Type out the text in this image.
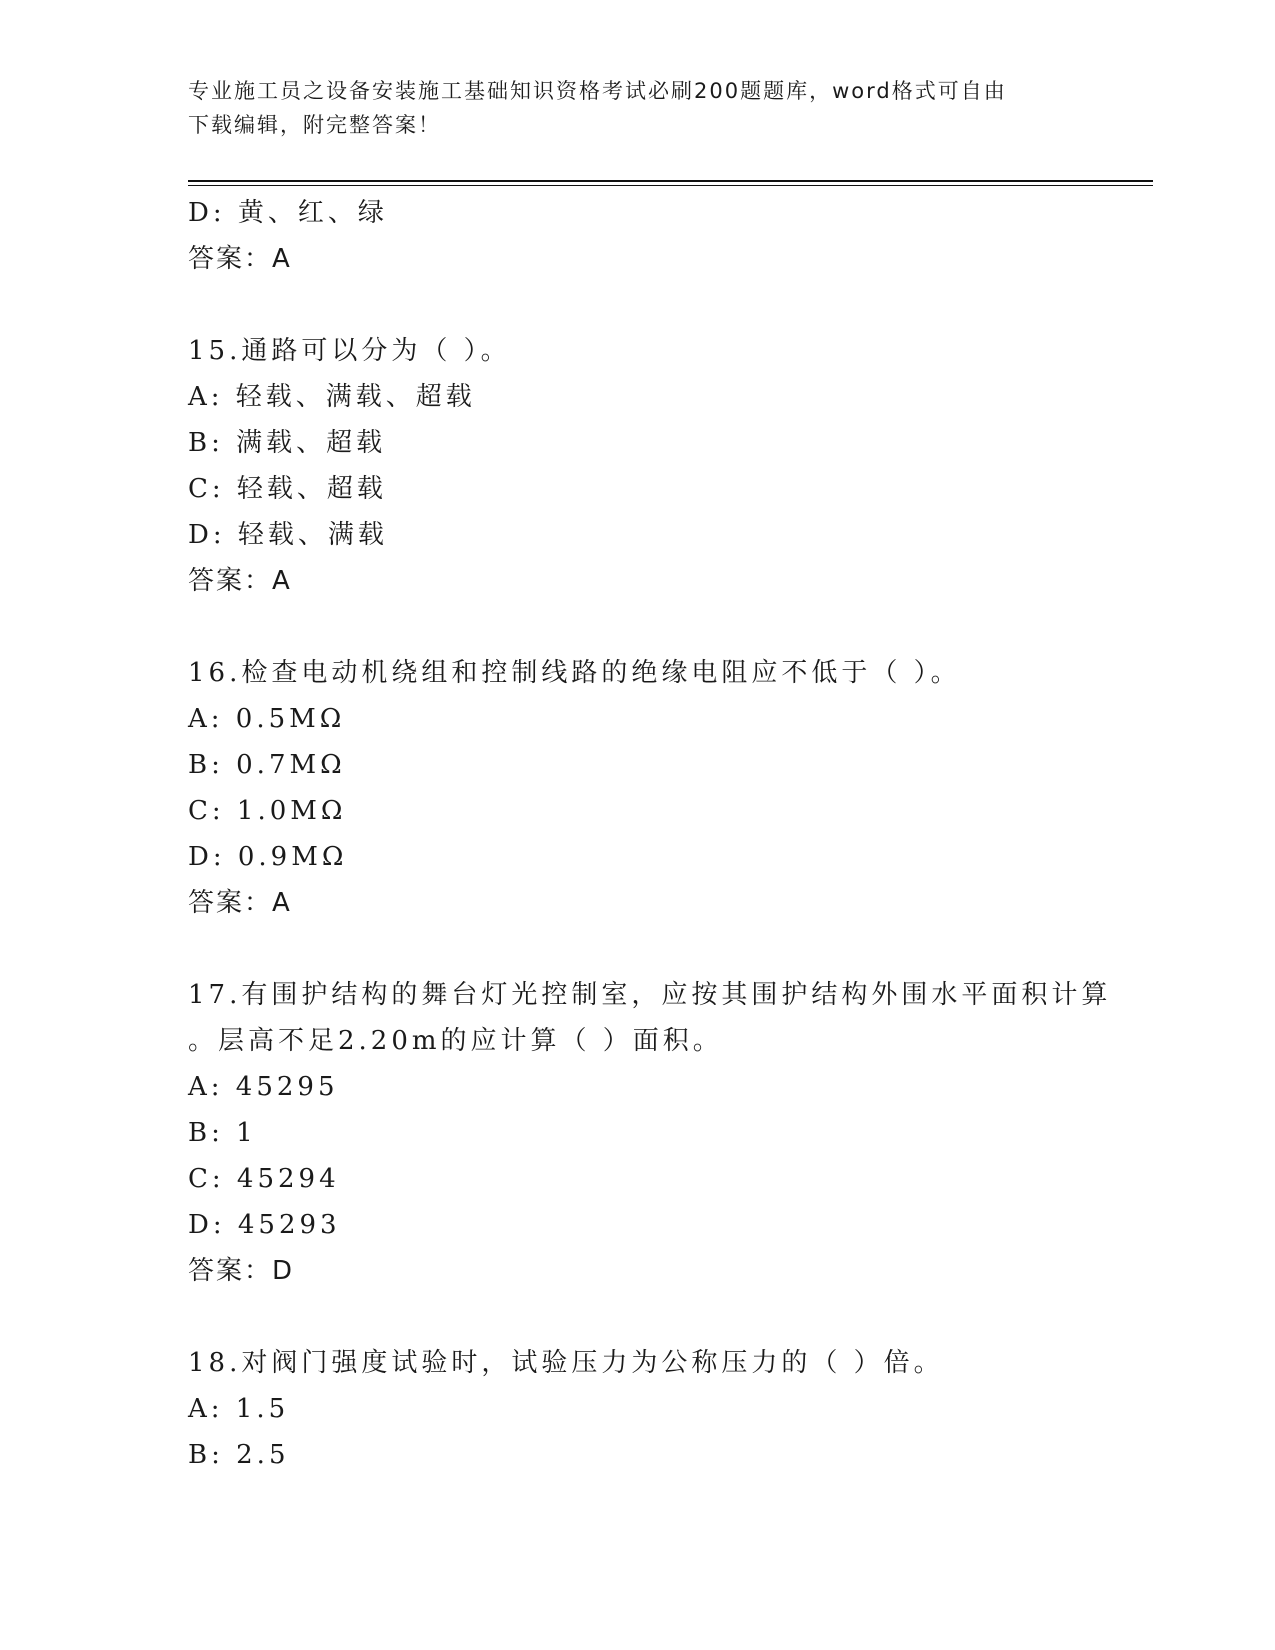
专业施工员之设备安装施工基础知识资格考试必刷200题题库，word格式可自由
下载编辑，附完整答案！
D: 黄、红、绿
答案：A
15.通路可以分为（ ）。
A: 轻载、满载、超载
B: 满载、超载
C: 轻载、超载
D: 轻载、满载
答案：A
16.检查电动机绕组和控制线路的绝缘电阻应不低于（ ）。
A: 0.5MΩ
B: 0.7MΩ
C: 1.0MΩ
D: 0.9MΩ
答案：A
17.有围护结构的舞台灯光控制室，应按其围护结构外围水平面积计算
。层高不足2.20m的应计算（ ）面积。
A: 45295
B: 1
C: 45294
D: 45293
答案：D
18.对阀门强度试验时，试验压力为公称压力的（ ）倍。
A: 1.5
B: 2.5
